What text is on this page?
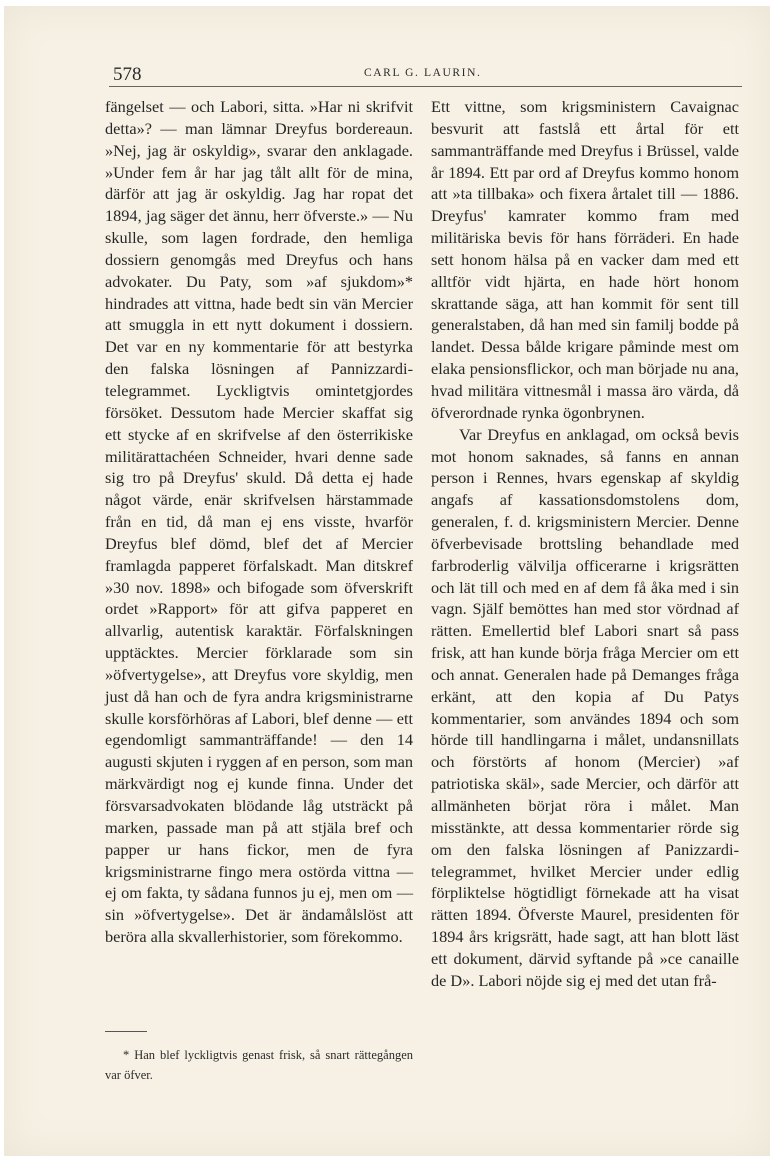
578	CARL G. LAURIN.

fängelset — och Labori, sitta. »Har ni skrifvit detta»? — man lämnar Dreyfus bordereaun. »Nej, jag är oskyldig», svarar den anklagade. »Under fem år har jag tålt allt för de mina, därför att jag är oskyldig. Jag har ropat det 1894, jag säger det ännu, herr öfverste.» — Nu skulle, som lagen fordrade, den hemliga dossiern genomgås med Dreyfus och hans advokater. Du Paty, som »af sjukdom»* hindrades att vittna, hade bedt sin vän Mercier att smuggla in ett nytt dokument i dossiern. Det var en ny kommentarie för att bestyrka den falska lösningen af Pannizzardi-telegrammet. Lyckligtvis omintetgjordes försöket. Dessutom hade Mercier skaffat sig ett stycke af en skrifvelse af den österrikiske militärattachéen Schneider, hvari denne sade sig tro på Dreyfus' skuld. Då detta ej hade något värde, enär skrifvelsen härstammade från en tid, då man ej ens visste, hvarför Dreyfus blef dömd, blef det af Mercier framlagda papperet förfalskadt. Man ditskref »30 nov. 1898» och bifogade som öfverskrift ordet »Rapport» för att gifva papperet en allvarlig, autentisk karaktär. Förfalskningen upptäcktes. Mercier förklarade som sin »öfvertygelse», att Dreyfus vore skyldig, men just då han och de fyra andra krigsministrarne skulle korsförhöras af Labori, blef denne — ett egendomligt sammanträffande! — den 14 augusti skjuten i ryggen af en person, som man märkvärdigt nog ej kunde finna. Under det försvarsadvokaten blödande låg utsträckt på marken, passade man på att stjäla bref och papper ur hans fickor, men de fyra krigsministrarne fingo mera ostörda vittna — ej om fakta, ty sådana funnos ju ej, men om — sin »öfvertygelse». Det är ändamålslöst att beröra alla skvallerhistorier, som förekommo.

Ett vittne, som krigsministern Cavaignac besvurit att fastslå ett årtal för ett sammanträffande med Dreyfus i Brüssel, valde år 1894. Ett par ord af Dreyfus kommo honom att »ta tillbaka» och fixera årtalet till — 1886. Dreyfus' kamrater kommo fram med militäriska bevis för hans förräderi. En hade sett honom hälsa på en vacker dam med ett alltför vidt hjärta, en hade hört honom skrattande säga, att han kommit för sent till generalstaben, då han med sin familj bodde på landet. Dessa bålde krigare påminde mest om elaka pensionsflickor, och man började nu ana, hvad militära vittnesmål i massa äro värda, då öfverordnade rynka ögonbrynen.

Var Dreyfus en anklagad, om också bevis mot honom saknades, så fanns en annan person i Rennes, hvars egenskap af skyldig angafs af kassationsdomstolens dom, generalen, f. d. krigsministern Mercier. Denne öfverbevisade brottsling behandlade med farbroderlig välvilja officerarne i krigsrätten och lät till och med en af dem få åka med i sin vagn. Själf bemöttes han med stor vördnad af rätten. Emellertid blef Labori snart så pass frisk, att han kunde börja fråga Mercier om ett och annat. Generalen hade på Demanges fråga erkänt, att den kopia af Du Patys kommentarier, som användes 1894 och som hörde till handlingarna i målet, undansnillats och förstörts af honom (Mercier) »af patriotiska skäl», sade Mercier, och därför att allmänheten börjat röra i målet. Man misstänkte, att dessa kommentarier rörde sig om den falska lösningen af Panizzardi-telegrammet, hvilket Mercier under edlig förpliktelse högtidligt förnekade att ha visat rätten 1894. Öfverste Maurel, presidenten för 1894 års krigsrätt, hade sagt, att han blott läst ett dokument, därvid syftande på »ce canaille de D». Labori nöjde sig ej med det utan frå-

* Han blef lyckligtvis genast frisk, så snart rättegången var öfver.
